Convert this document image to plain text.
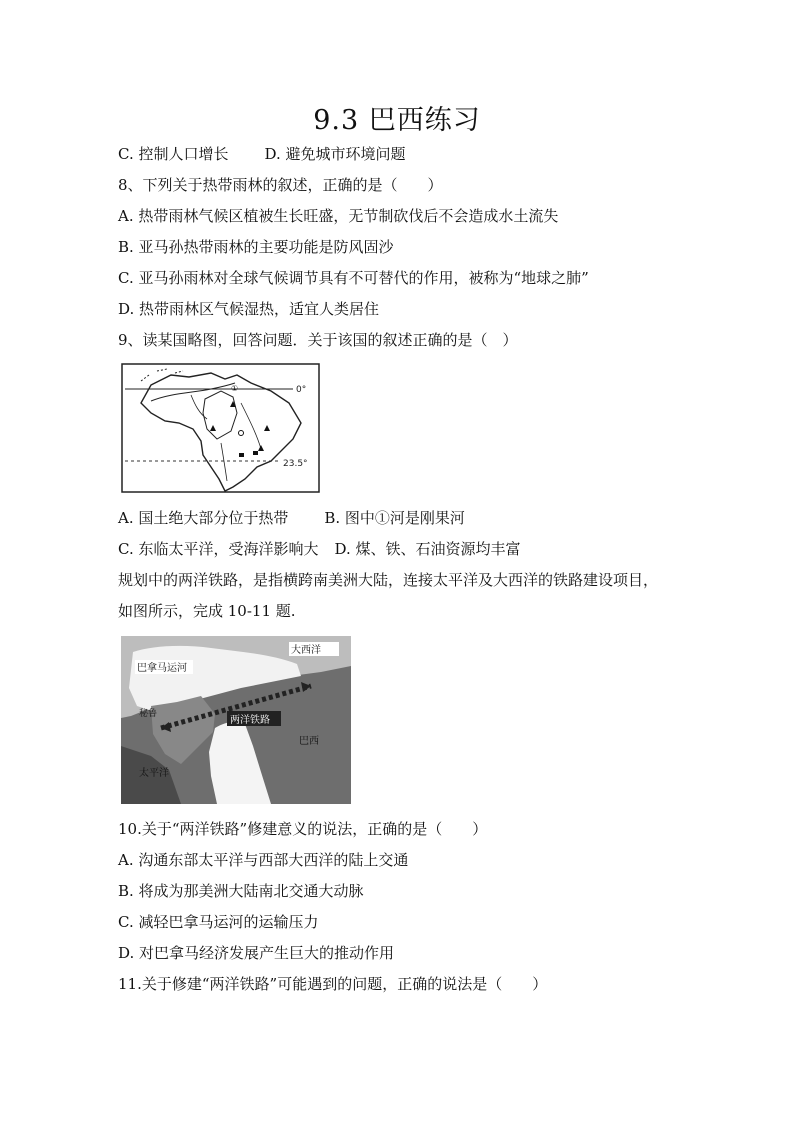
9.3 巴西练习
C. 控制人口增长 D. 避免城市环境问题
8、下列关于热带雨林的叙述，正确的是（　　）
A. 热带雨林气候区植被生长旺盛，无节制砍伐后不会造成水土流失
B. 亚马孙热带雨林的主要功能是防风固沙
C. 亚马孙雨林对全球气候调节具有不可替代的作用，被称为“地球之肺”
D. 热带雨林区气候湿热，适宜人类居住
9、读某国略图，回答问题．关于该国的叙述正确的是（　）
0°
23.5°
①
A. 国土绝大部分位于热带 B. 图中①河是刚果河
C. 东临太平洋，受海洋影响大 D. 煤、铁、石油资源均丰富
规划中的两洋铁路，是指横跨南美洲大陆，连接太平洋及大西洋的铁路建设项目，
如图所示，完成 10-11 题.
大西洋
巴拿马运河
秘鲁
两洋铁路
巴西
太平洋
10.关于“两洋铁路”修建意义的说法，正确的是（　　）
A. 沟通东部太平洋与西部大西洋的陆上交通
B. 将成为那美洲大陆南北交通大动脉
C. 减轻巴拿马运河的运输压力
D. 对巴拿马经济发展产生巨大的推动作用
11.关于修建“两洋铁路”可能遇到的问题，正确的说法是（　　）
